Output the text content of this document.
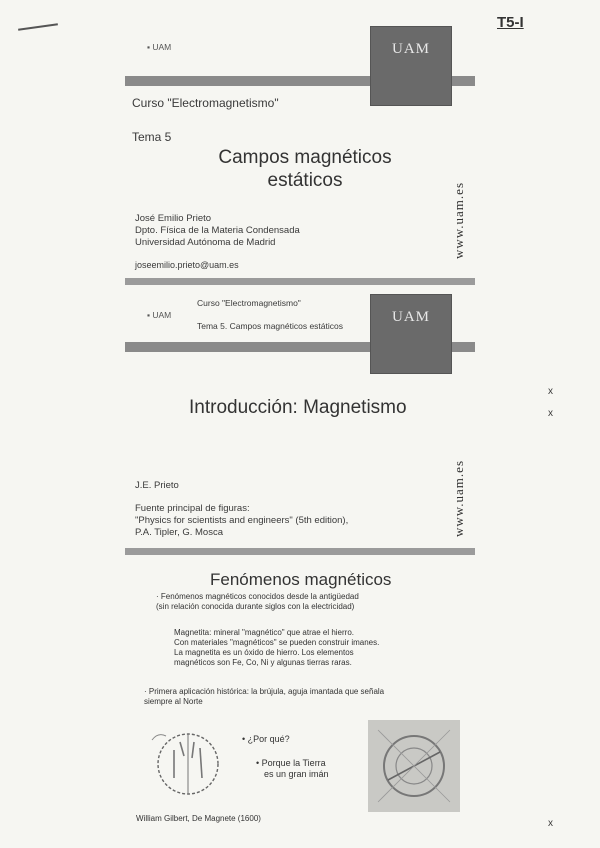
T5-I
▪ UAM	UAM
Curso "Electromagnetismo"
Tema 5
Campos magnéticos
estáticos
José Emilio Prieto
Dpto. Física de la Materia Condensada
Universidad Autónoma de Madrid
joseemilio.prieto@uam.es
www.uam.es
▪ UAM
Curso "Electromagnetismo"
Tema 5. Campos magnéticos estáticos
UAM
Introducción: Magnetismo
J.E. Prieto
Fuente principal de figuras:
"Physics for scientists and engineers" (5th edition),
P.A. Tipler, G. Mosca	www.uam.es
Fenómenos magnéticos
· Fenómenos magnéticos conocidos desde la antigüedad
(sin relación conocida durante siglos con la electricidad)
Magnetita: mineral "magnético" que atrae el hierro.
Con materiales "magnéticos" se pueden construir imanes.
La magnetita es un óxido de hierro. Los elementos
magnéticos son Fe, Co, Ni y algunas tierras raras.
· Primera aplicación histórica: la brújula, aguja imantada que señala
siempre al Norte
• ¿Por qué?
• Porque la Tierra
es un gran imán
William Gilbert, De Magnete (1600)
x
x
x
